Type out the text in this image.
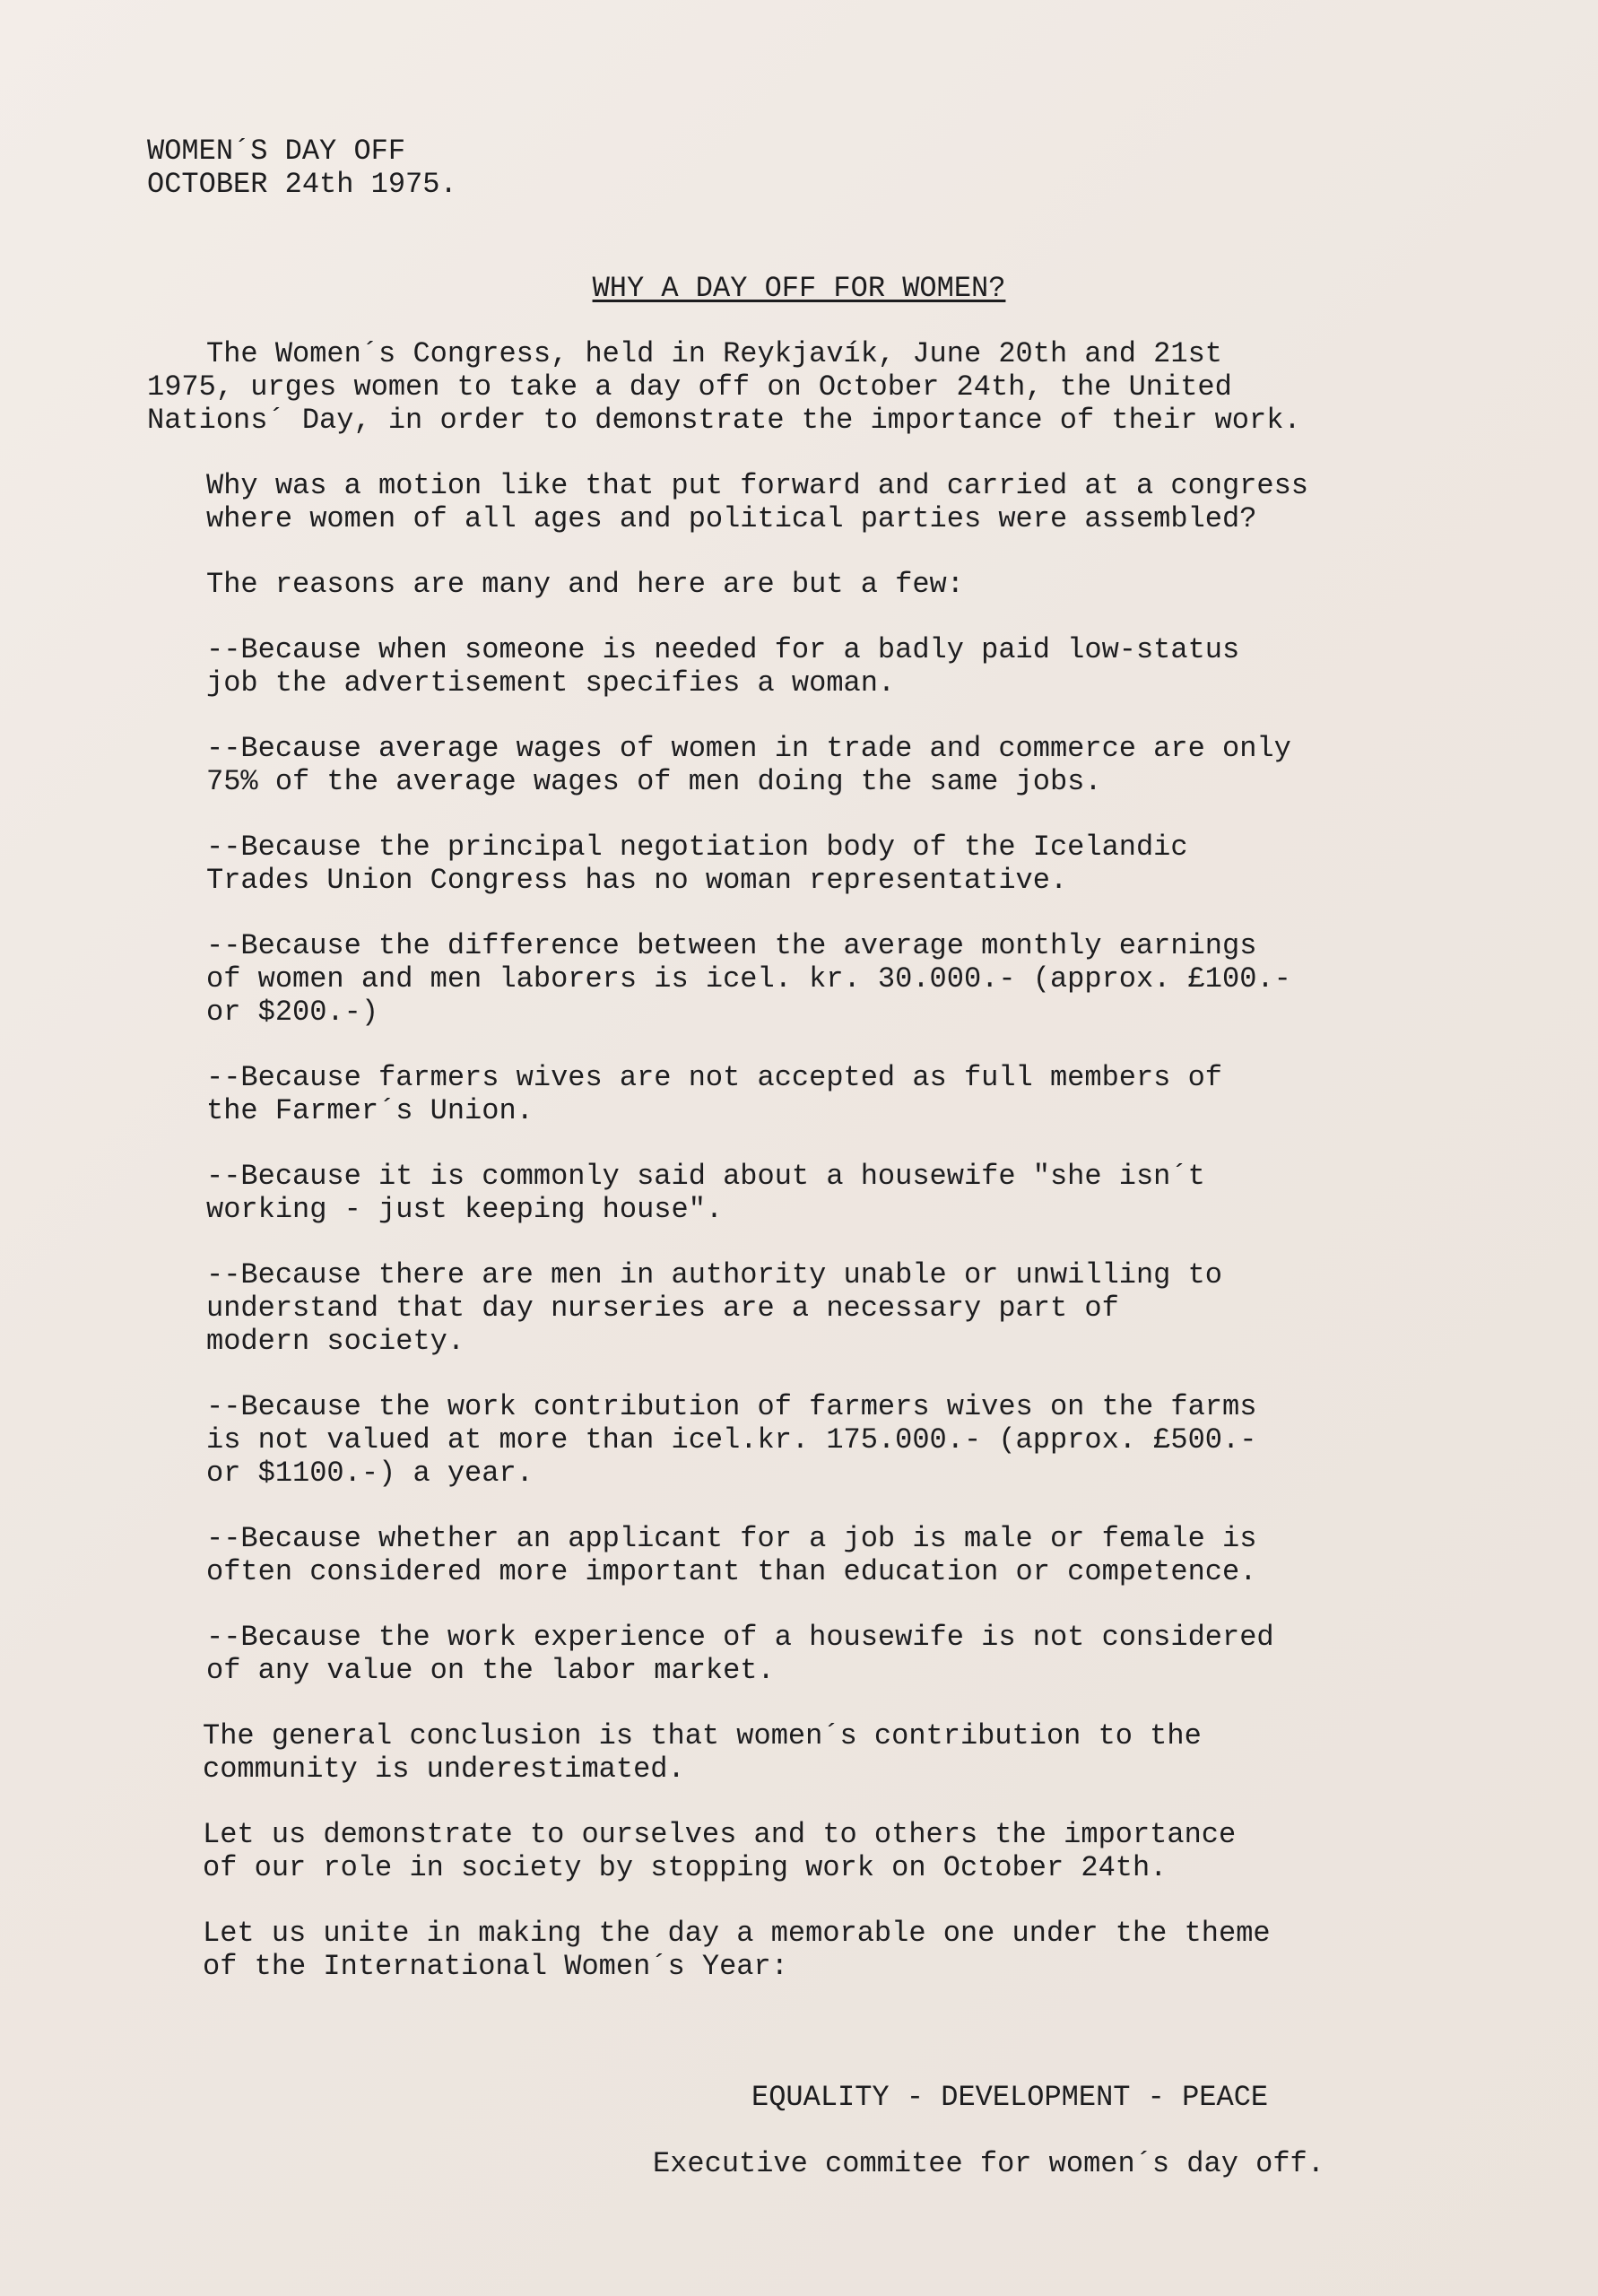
WOMEN´S DAY OFF
OCTOBER 24th 1975.
WHY A DAY OFF FOR WOMEN?

The Women´s Congress, held in Reykjavík, June 20th and 21st
1975, urges women to take a day off on October 24th, the United
Nations´ Day, in order to demonstrate the importance of their work.

Why was a motion like that put forward and carried at a congress
where women of all ages and political parties were assembled?

The reasons are many and here are but a few:

--Because when someone is needed for a badly paid low-status
job the advertisement specifies a woman.
--Because average wages of women in trade and commerce are only
75% of the average wages of men doing the same jobs.
--Because the principal negotiation body of the Icelandic
Trades Union Congress has no woman representative.
--Because the difference between the average monthly earnings
of women and men laborers is icel. kr. 30.000.- (approx. £100.-
or $200.-)
--Because farmers wives are not accepted as full members of
the Farmer´s Union.
--Because it is commonly said about a housewife "she isn´t
working - just keeping house".
--Because there are men in authority unable or unwilling to
understand that day nurseries are a necessary part of
modern society.
--Because the work contribution of farmers wives on the farms
is not valued at more than icel.kr. 175.000.- (approx. £500.-
or $1100.-) a year.
--Because whether an applicant for a job is male or female is
often considered more important than education or competence.
--Because the work experience of a housewife is not considered
of any value on the labor market.

The general conclusion is that women´s contribution to the
community is underestimated.

Let us demonstrate to ourselves and to others the importance
of our role in society by stopping work on October 24th.

Let us unite in making the day a memorable one under the theme
of the International Women´s Year:

EQUALITY - DEVELOPMENT - PEACE
Executive commitee for women´s day off.
